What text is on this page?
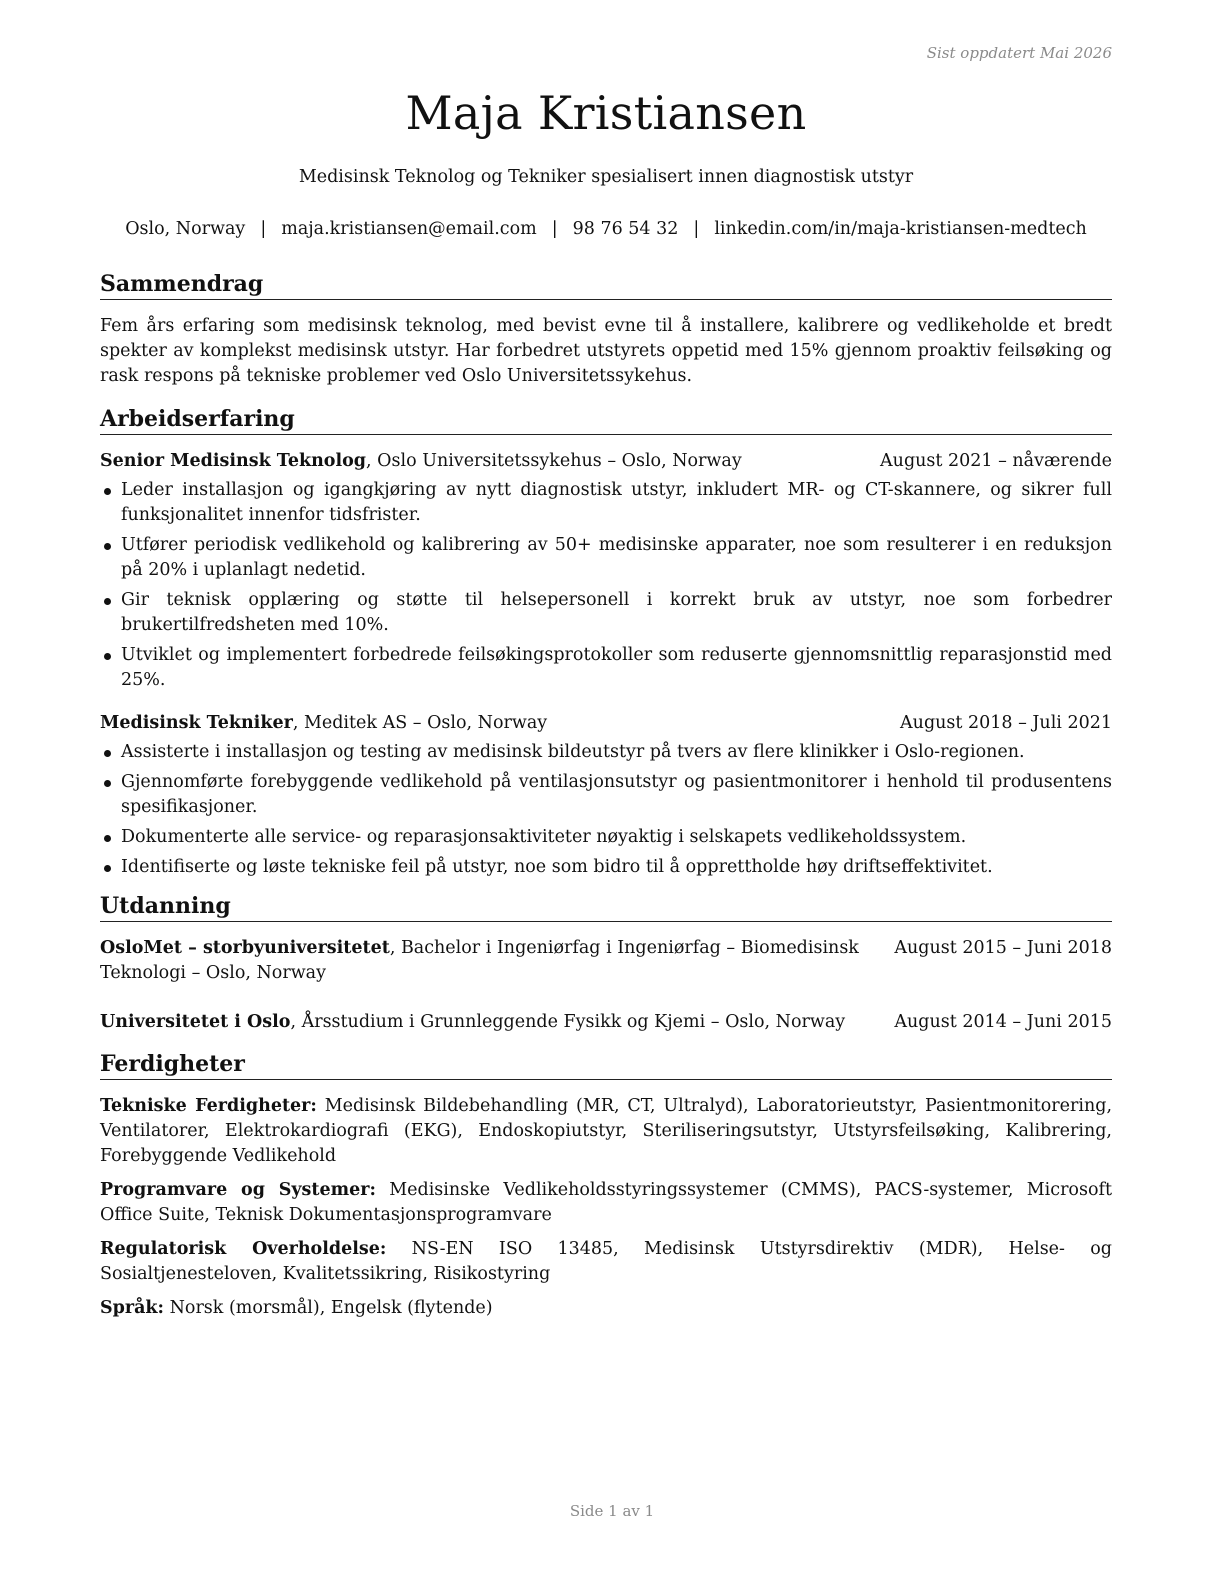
Sist oppdatert Mai 2026
Maja Kristiansen
Medisinsk Teknolog og Tekniker spesialisert innen diagnostisk utstyr
Oslo, Norway | maja.kristiansen@email.com | 98 76 54 32 | linkedin.com/in/maja-kristiansen-medtech
Sammendrag

Fem års erfaring som medisinsk teknolog, med bevist evne til å installere, kalibrere og vedlikeholde et bredt spekter av komplekst medisinsk utstyr. Har forbedret utstyrets oppetid med 15% gjennom proaktiv feilsøking og rask respons på tekniske problemer ved Oslo Universitetssykehus.

Arbeidserfaring
Senior Medisinsk Teknolog, Oslo Universitetssykehus – Oslo, Norway	August 2021 – nåværende
Leder installasjon og igangkjøring av nytt diagnostisk utstyr, inkludert MR- og CT-skannere, og sikrer full funksjonalitet innenfor tidsfrister.
Utfører periodisk vedlikehold og kalibrering av 50+ medisinske apparater, noe som resulterer i en reduksjon på 20% i uplanlagt nedetid.
Gir teknisk opplæring og støtte til helsepersonell i korrekt bruk av utstyr, noe som forbedrer brukertilfredsheten med 10%.
Utviklet og implementert forbedrede feilsøkingsprotokoller som reduserte gjennomsnittlig reparasjonstid med 25%.
Medisinsk Tekniker, Meditek AS – Oslo, Norway	August 2018 – Juli 2021
Assisterte i installasjon og testing av medisinsk bildeutstyr på tvers av flere klinikker i Oslo-regionen.
Gjennomførte forebyggende vedlikehold på ventilasjonsutstyr og pasientmonitorer i henhold til produsentens spesifikasjoner.
Dokumenterte alle service- og reparasjonsaktiviteter nøyaktig i selskapets vedlikeholdssystem.
Identifiserte og løste tekniske feil på utstyr, noe som bidro til å opprettholde høy driftseffektivitet.
Utdanning
OsloMet – storbyuniversitetet, Bachelor i Ingeniørfag i Ingeniørfag – Biomedisinsk Teknologi – Oslo, Norway
August 2015 – Juni 2018
Universitetet i Oslo, Årsstudium i Grunnleggende Fysikk og Kjemi – Oslo, Norway	August 2014 – Juni 2015
Ferdigheter

Tekniske Ferdigheter: Medisinsk Bildebehandling (MR, CT, Ultralyd), Laboratorieutstyr, Pasientmonitorering, Ventilatorer, Elektrokardiografi (EKG), Endoskopiutstyr, Steriliseringsutstyr, Utstyrsfeilsøking, Kalibrering, Forebyggende Vedlikehold

Programvare og Systemer: Medisinske Vedlikeholdsstyringssystemer (CMMS), PACS-systemer, Microsoft Office Suite, Teknisk Dokumentasjonsprogramvare

Regulatorisk Overholdelse: NS-EN ISO 13485, Medisinsk Utstyrsdirektiv (MDR), Helse- og Sosialtjenesteloven, Kvalitetssikring, Risikostyring

Språk: Norsk (morsmål), Engelsk (flytende)

Side 1 av 1
